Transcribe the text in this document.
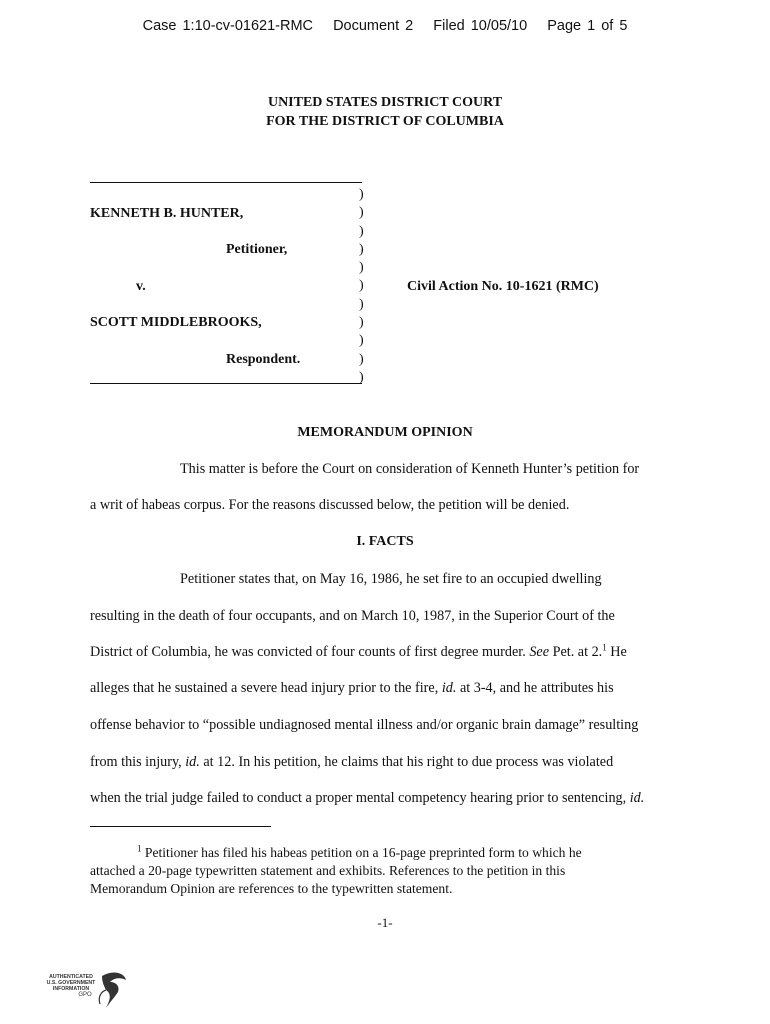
Case 1:10-cv-01621-RMC Document 2 Filed 10/05/10 Page 1 of 5
UNITED STATES DISTRICT COURT
FOR THE DISTRICT OF COLUMBIA
)
)
)
)
)
)
)
)
)
)
)
KENNETH B. HUNTER,
Petitioner,
v.	Civil Action No. 10-1621 (RMC)
SCOTT MIDDLEBROOKS,
Respondent.
MEMORANDUM OPINION
This matter is before the Court on consideration of Kenneth Hunter’s petition for
a writ of habeas corpus. For the reasons discussed below, the petition will be denied.
I. FACTS
Petitioner states that, on May 16, 1986, he set fire to an occupied dwelling
resulting in the death of four occupants, and on March 10, 1987, in the Superior Court of the
District of Columbia, he was convicted of four counts of first degree murder. See Pet. at 2.$^1$ He
alleges that he sustained a severe head injury prior to the fire, id. at 3-4, and he attributes his
offense behavior to “possible undiagnosed mental illness and/or organic brain damage” resulting
from this injury, id. at 12. In his petition, he claims that his right to due process was violated
when the trial judge failed to conduct a proper mental competency hearing prior to sentencing, id.
$^1$ Petitioner has filed his habeas petition on a 16-page preprinted form to which he
attached a 20-page typewritten statement and exhibits. References to the petition in this
Memorandum Opinion are references to the typewritten statement.
-1-
AUTHENTICATED
U.S. GOVERNMENT
INFORMATION
GPO
